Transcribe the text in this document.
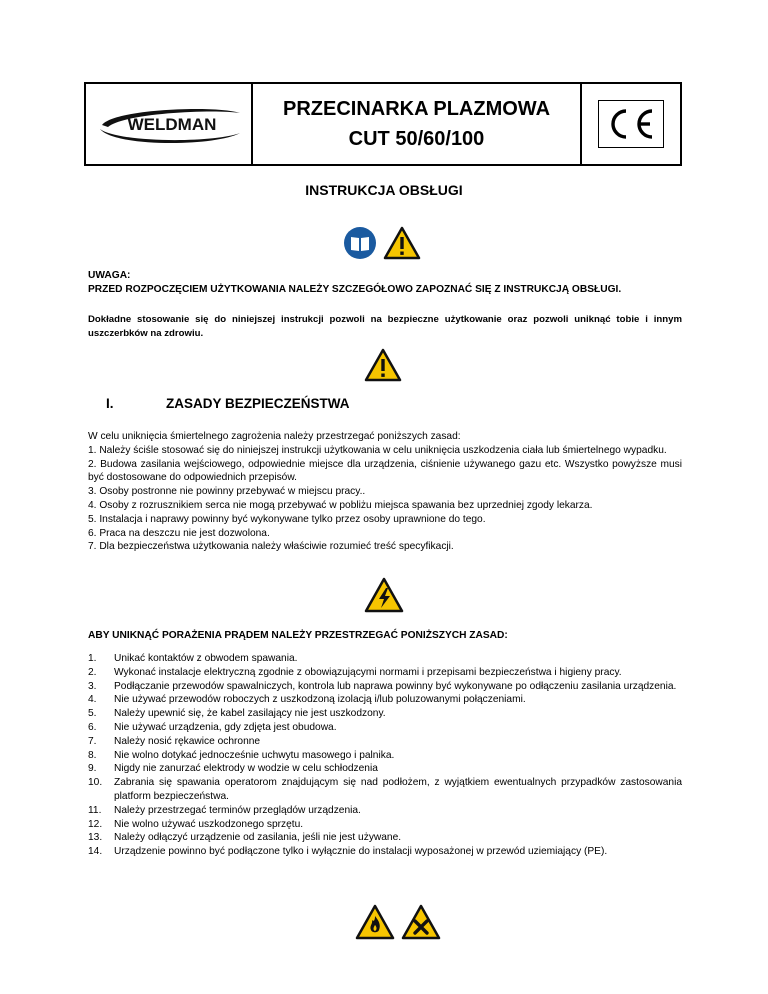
WELDMAN
PRZECINARKA PLAZMOWA
CUT 50/60/100
INSTRUKCJA OBSŁUGI
UWAGA:
PRZED ROZPOCZĘCIEM UŻYTKOWANIA NALEŻY SZCZEGÓŁOWO ZAPOZNAĆ SIĘ Z INSTRUKCJĄ OBSŁUGI.
Dokładne stosowanie się do niniejszej instrukcji pozwoli na bezpieczne użytkowanie oraz pozwoli uniknąć tobie i innym uszczerbków na zdrowiu.
I.	ZASADY BEZPIECZEŃSTWA
W celu uniknięcia śmiertelnego zagrożenia należy przestrzegać poniższych zasad:
1. Należy ściśle stosować się do niniejszej instrukcji użytkowania w celu uniknięcia uszkodzenia ciała lub śmiertelnego wypadku.
2. Budowa zasilania wejściowego, odpowiednie miejsce dla urządzenia, ciśnienie używanego gazu etc. Wszystko powyższe musi być dostosowane do odpowiednich przepisów.
3. Osoby postronne nie powinny przebywać w miejscu pracy..
4. Osoby z rozrusznikiem serca nie mogą przebywać w pobliżu miejsca spawania bez uprzedniej zgody lekarza.
5. Instalacja i naprawy powinny być wykonywane tylko przez osoby uprawnione do tego.
6. Praca na deszczu nie jest dozwolona.
7. Dla bezpieczeństwa użytkowania należy właściwie rozumieć treść specyfikacji.
ABY UNIKNĄĆ PORAŻENIA PRĄDEM NALEŻY PRZESTRZEGAĆ PONIŻSZYCH ZASAD:
1.	Unikać kontaktów z obwodem spawania.
2.	Wykonać instalacje elektryczną zgodnie z obowiązującymi normami i przepisami bezpieczeństwa i higieny pracy.
3.	Podłączanie przewodów spawalniczych, kontrola lub naprawa powinny być wykonywane po odłączeniu zasilania urządzenia.
4.	Nie używać przewodów roboczych z uszkodzoną izolacją i/lub poluzowanymi połączeniami.
5.	Należy upewnić się, że kabel zasilający nie jest uszkodzony.
6.	Nie używać urządzenia, gdy zdjęta jest obudowa.
7.	Należy nosić rękawice ochronne
8.	Nie wolno dotykać jednocześnie uchwytu masowego i palnika.
9.	Nigdy nie zanurzać elektrody w wodzie w celu schłodzenia
10.	Zabrania się spawania operatorom znajdującym się nad podłożem, z wyjątkiem ewentualnych przypadków zastosowania platform bezpieczeństwa.
11.	Należy przestrzegać terminów przeglądów urządzenia.
12.	Nie wolno używać uszkodzonego sprzętu.
13.	Należy odłączyć urządzenie od zasilania, jeśli nie jest używane.
14.	Urządzenie powinno być podłączone tylko i wyłącznie do instalacji wyposażonej w przewód uziemiający (PE).
